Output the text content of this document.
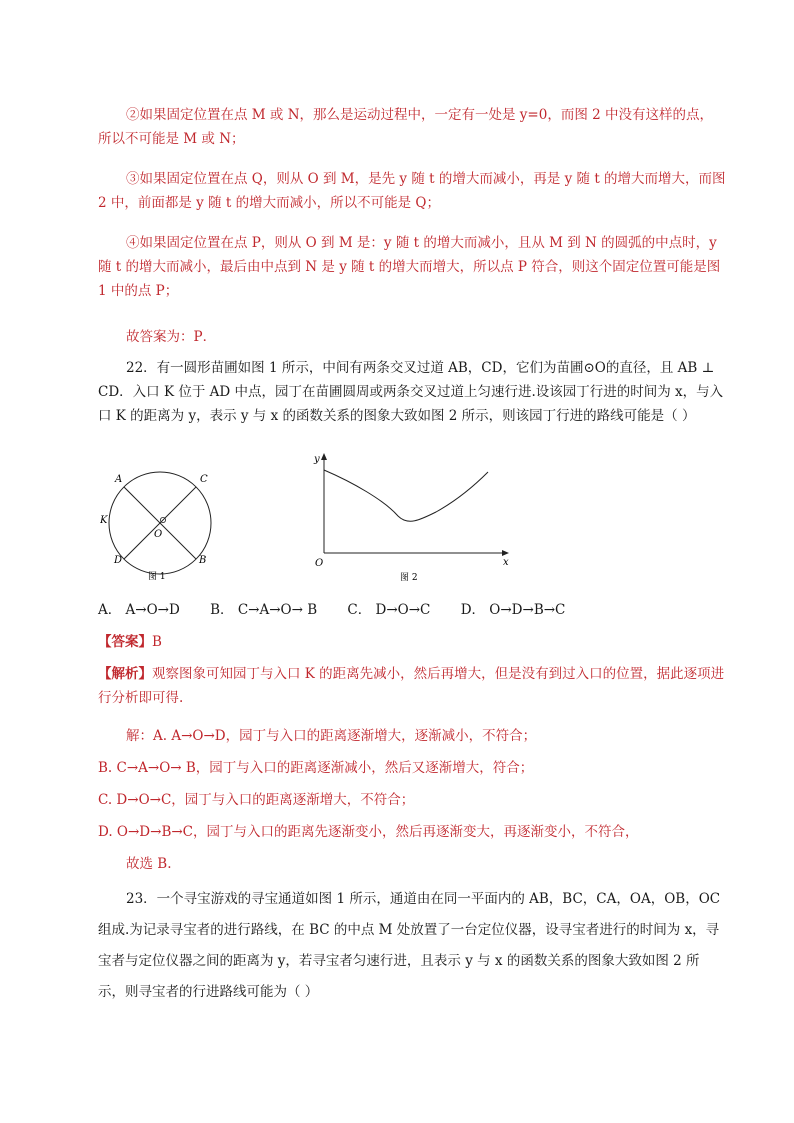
②如果固定位置在点 M 或 N，那么是运动过程中，一定有一处是 y=0，而图 2 中没有这样的点，所以不可能是 M 或 N；

③如果固定位置在点 Q，则从 O 到 M，是先 y 随 t 的增大而减小，再是 y 随 t 的增大而增大，而图 2 中，前面都是 y 随 t 的增大而减小，所以不可能是 Q；

④如果固定位置在点 P，则从 O 到 M 是：y 随 t 的增大而减小，且从 M 到 N 的圆弧的中点时，y 随 t 的增大而减小，最后由中点到 N 是 y 随 t 的增大而增大，所以点 P 符合，则这个固定位置可能是图 1 中的点 P；

故答案为：P．

22．有一圆形苗圃如图 1 所示，中间有两条交叉过道 AB，CD，它们为苗圃⊙O的直径，且 AB ⊥ CD．入口 K 位于 AD 中点，园丁在苗圃圆周或两条交叉过道上匀速行进.设该园丁行进的时间为 x，与入口 K 的距离为 y，表示 y 与 x 的函数关系的图象大致如图 2 所示，则该园丁行进的路线可能是（ ）

A	C
K
O
D	B
图 1
y
x
O
图 2
A． A→O→D B． C→A→O→ B C． D→O→C D． O→D→B→C
【答案】B

【解析】观察图象可知园丁与入口 K 的距离先减小，然后再增大，但是没有到过入口的位置，据此逐项进行分析即可得.

解：A. A→O→D，园丁与入口的距离逐渐增大，逐渐减小，不符合；
B. C→A→O→ B，园丁与入口的距离逐渐减小，然后又逐渐增大，符合；
C. D→O→C，园丁与入口的距离逐渐增大，不符合；
D. O→D→B→C，园丁与入口的距离先逐渐变小，然后再逐渐变大，再逐渐变小，不符合，
故选 B.

23．一个寻宝游戏的寻宝通道如图 1 所示，通道由在同一平面内的 AB，BC，CA，OA，OB，OC 组成.为记录寻宝者的进行路线，在 BC 的中点 M 处放置了一台定位仪器，设寻宝者进行的时间为 x，寻宝者与定位仪器之间的距离为 y，若寻宝者匀速行进，且表示 y 与 x 的函数关系的图象大致如图 2 所示，则寻宝者的行进路线可能为（ ）
